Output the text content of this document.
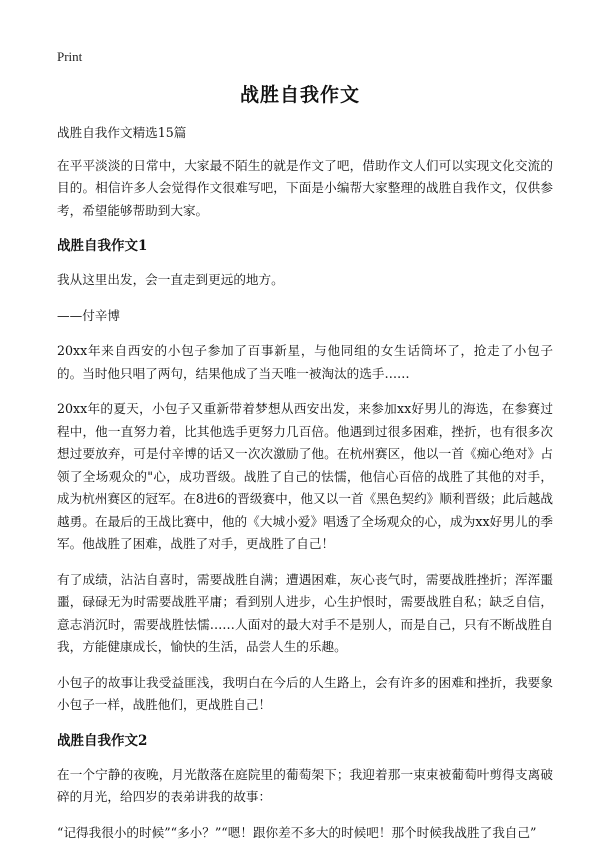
Print
战胜自我作文

战胜自我作文精选15篇

在平平淡淡的日常中，大家最不陌生的就是作文了吧，借助作文人们可以实现文化交流的目的。相信许多人会觉得作文很难写吧，下面是小编帮大家整理的战胜自我作文，仅供参考，希望能够帮助到大家。

战胜自我作文1

我从这里出发，会一直走到更远的地方。

——付辛博

20xx年来自西安的小包子参加了百事新星，与他同组的女生话筒坏了，抢走了小包子的。当时他只唱了两句，结果他成了当天唯一被淘汰的选手……

20xx年的夏天，小包子又重新带着梦想从西安出发，来参加xx好男儿的海选，在参赛过程中，他一直努力着，比其他选手更努力几百倍。他遇到过很多困难，挫折，也有很多次想过要放弃，可是付辛博的话又一次次激励了他。在杭州赛区，他以一首《痴心绝对》占领了全场观众的"心，成功晋级。战胜了自己的怯懦，他信心百倍的战胜了其他的对手，成为杭州赛区的冠军。在8进6的晋级赛中，他又以一首《黑色契约》顺利晋级；此后越战越勇。在最后的王战比赛中，他的《大城小爱》唱透了全场观众的心，成为xx好男儿的季军。他战胜了困难，战胜了对手，更战胜了自己！

有了成绩，沾沾自喜时，需要战胜自满；遭遇困难，灰心丧气时，需要战胜挫折；浑浑噩噩，碌碌无为时需要战胜平庸；看到别人进步，心生护恨时，需要战胜自私；缺乏自信，意志消沉时，需要战胜怯懦……人面对的最大对手不是别人，而是自己，只有不断战胜自我，方能健康成长，愉快的生活，品尝人生的乐趣。

小包子的故事让我受益匪浅，我明白在今后的人生路上，会有许多的困难和挫折，我要象小包子一样，战胜他们，更战胜自己！

战胜自我作文2

在一个宁静的夜晚，月光散落在庭院里的葡萄架下；我迎着那一束束被葡萄叶剪得支离破碎的月光，给四岁的表弟讲我的故事：

“记得我很小的时候”“多小？”“嗯！跟你差不多大的时候吧！那个时候我战胜了我自己”
